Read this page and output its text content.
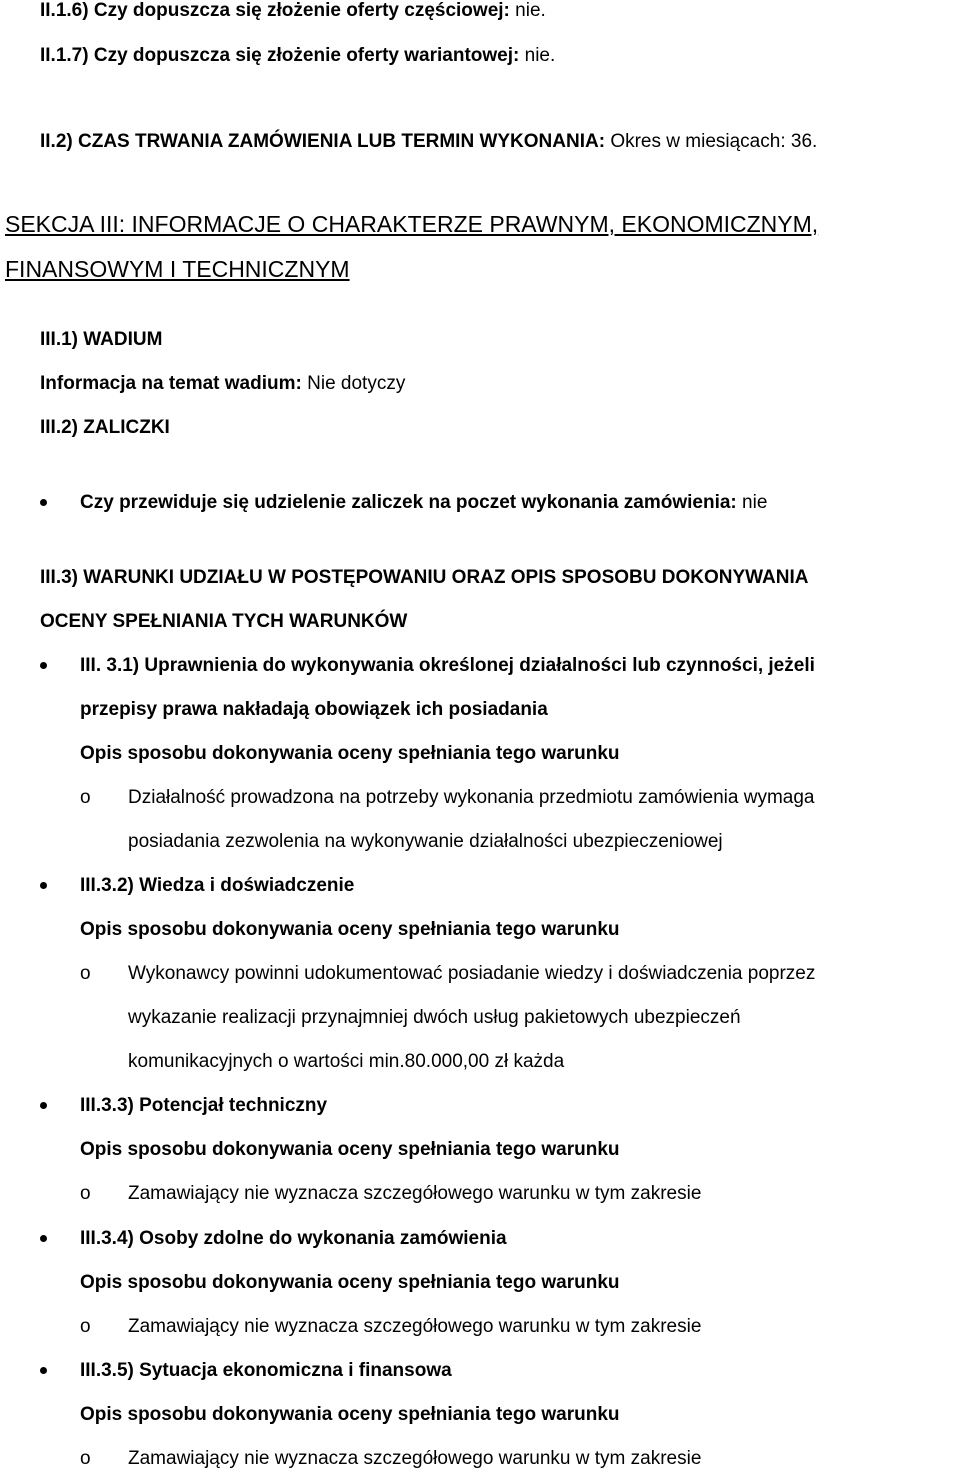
II.1.6) Czy dopuszcza się złożenie oferty częściowej: nie.
II.1.7) Czy dopuszcza się złożenie oferty wariantowej: nie.
II.2) CZAS TRWANIA ZAMÓWIENIA LUB TERMIN WYKONANIA: Okres w miesiącach: 36.
SEKCJA III: INFORMACJE O CHARAKTERZE PRAWNYM, EKONOMICZNYM,
FINANSOWYM I TECHNICZNYM
III.1) WADIUM
Informacja na temat wadium: Nie dotyczy
III.2) ZALICZKI
Czy przewiduje się udzielenie zaliczek na poczet wykonania zamówienia: nie
III.3) WARUNKI UDZIAŁU W POSTĘPOWANIU ORAZ OPIS SPOSOBU DOKONYWANIA
OCENY SPEŁNIANIA TYCH WARUNKÓW
III. 3.1) Uprawnienia do wykonywania określonej działalności lub czynności, jeżeli
przepisy prawa nakładają obowiązek ich posiadania
Opis sposobu dokonywania oceny spełniania tego warunku
o Działalność prowadzona na potrzeby wykonania przedmiotu zamówienia wymaga
posiadania zezwolenia na wykonywanie działalności ubezpieczeniowej
III.3.2) Wiedza i doświadczenie
Opis sposobu dokonywania oceny spełniania tego warunku
o Wykonawcy powinni udokumentować posiadanie wiedzy i doświadczenia poprzez
wykazanie realizacji przynajmniej dwóch usług pakietowych ubezpieczeń
komunikacyjnych o wartości min.80.000,00 zł każda
III.3.3) Potencjał techniczny
Opis sposobu dokonywania oceny spełniania tego warunku
o Zamawiający nie wyznacza szczegółowego warunku w tym zakresie
III.3.4) Osoby zdolne do wykonania zamówienia
Opis sposobu dokonywania oceny spełniania tego warunku
o Zamawiający nie wyznacza szczegółowego warunku w tym zakresie
III.3.5) Sytuacja ekonomiczna i finansowa
Opis sposobu dokonywania oceny spełniania tego warunku
o Zamawiający nie wyznacza szczegółowego warunku w tym zakresie
